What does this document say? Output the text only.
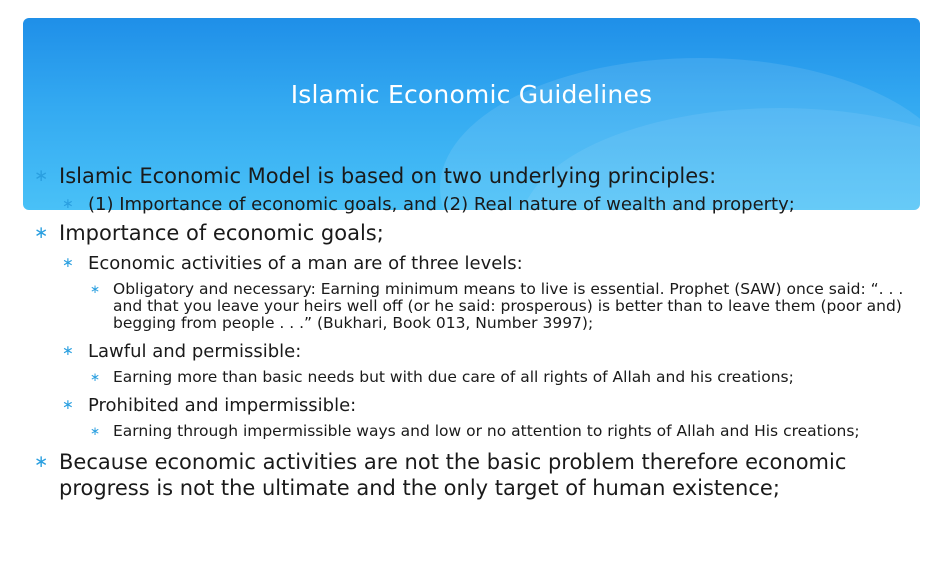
Islamic Economic Guidelines
∗ Islamic Economic Model is based on two underlying principles:
∗ (1) Importance of economic goals, and (2) Real nature of wealth and property;
∗ Importance of economic goals;
∗ Economic activities of a man are of three levels:
∗ Obligatory and necessary: Earning minimum means to live is essential. Prophet (SAW) once said: “. . . and that you leave your heirs well off (or he said: prosperous) is better than to leave them (poor and) begging from people . . .” (Bukhari, Book 013, Number 3997);
∗ Lawful and permissible:
∗ Earning more than basic needs but with due care of all rights of Allah and his creations;
∗ Prohibited and impermissible:
∗ Earning through impermissible ways and low or no attention to rights of Allah and His creations;
∗ Because economic activities are not the basic problem therefore economic progress is not the ultimate and the only target of human existence;
